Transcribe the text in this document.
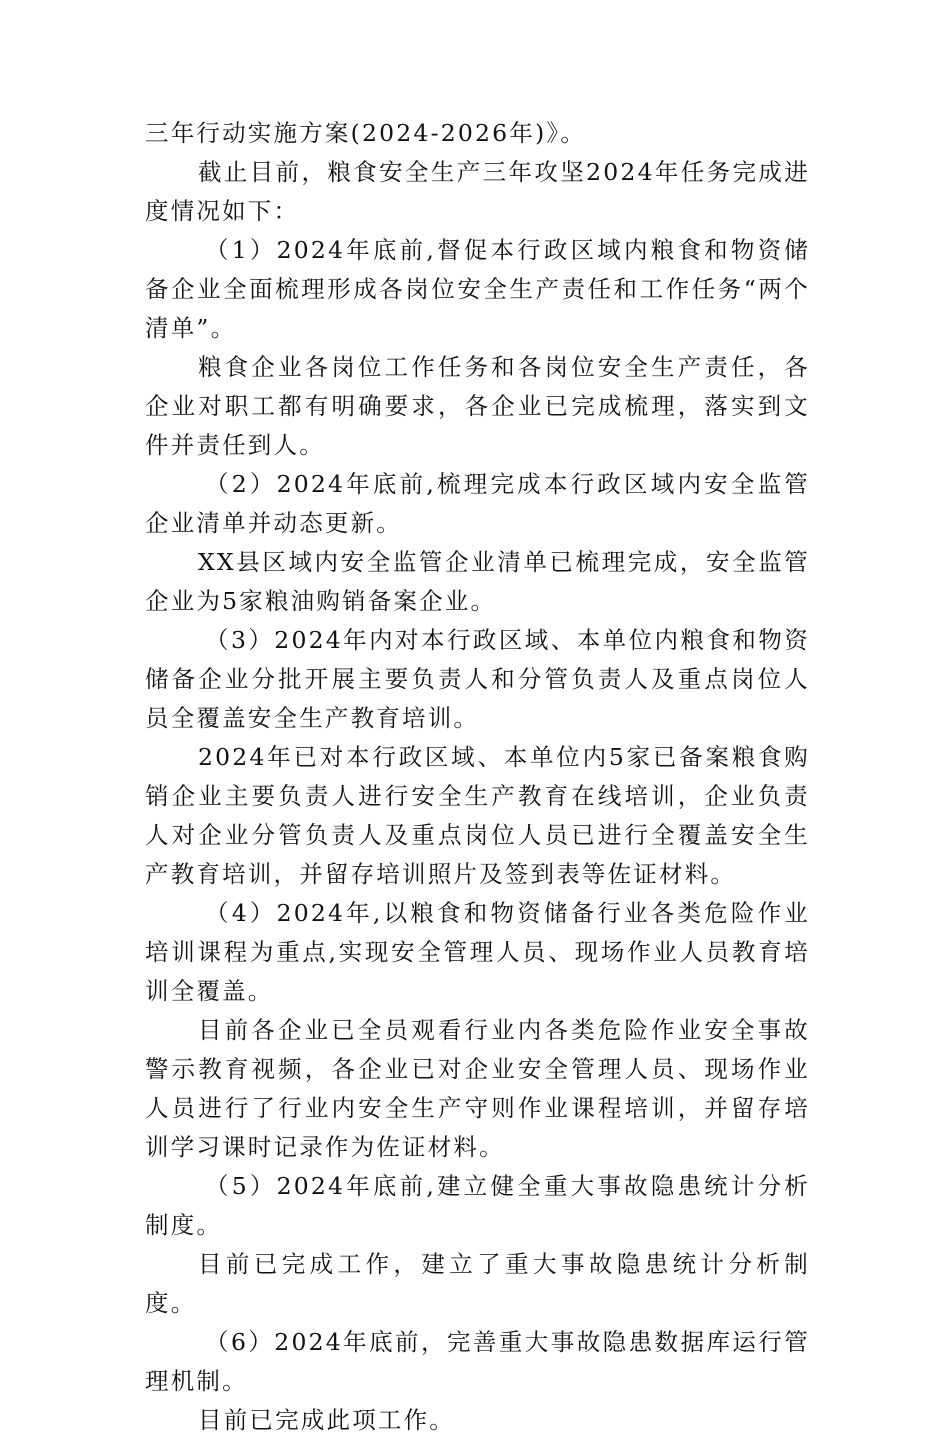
三年行动实施方案(2024-2026年)》。

截止目前，粮食安全生产三年攻坚2024年任务完成进度情况如下：

（1）2024年底前,督促本行政区域内粮食和物资储备企业全面梳理形成各岗位安全生产责任和工作任务“两个清单”。

粮食企业各岗位工作任务和各岗位安全生产责任，各企业对职工都有明确要求，各企业已完成梳理，落实到文件并责任到人。

（2）2024年底前,梳理完成本行政区域内安全监管企业清单并动态更新。

XX县区域内安全监管企业清单已梳理完成，安全监管企业为5家粮油购销备案企业。

（3）2024年内对本行政区域、本单位内粮食和物资储备企业分批开展主要负责人和分管负责人及重点岗位人员全覆盖安全生产教育培训。

2024年已对本行政区域、本单位内5家已备案粮食购销企业主要负责人进行安全生产教育在线培训，企业负责人对企业分管负责人及重点岗位人员已进行全覆盖安全生产教育培训，并留存培训照片及签到表等佐证材料。

（4）2024年,以粮食和物资储备行业各类危险作业培训课程为重点,实现安全管理人员、现场作业人员教育培训全覆盖。

目前各企业已全员观看行业内各类危险作业安全事故警示教育视频，各企业已对企业安全管理人员、现场作业人员进行了行业内安全生产守则作业课程培训，并留存培训学习课时记录作为佐证材料。

（5）2024年底前,建立健全重大事故隐患统计分析制度。

目前已完成工作，建立了重大事故隐患统计分析制度。

（6）2024年底前，完善重大事故隐患数据库运行管理机制。

目前已完成此项工作。
